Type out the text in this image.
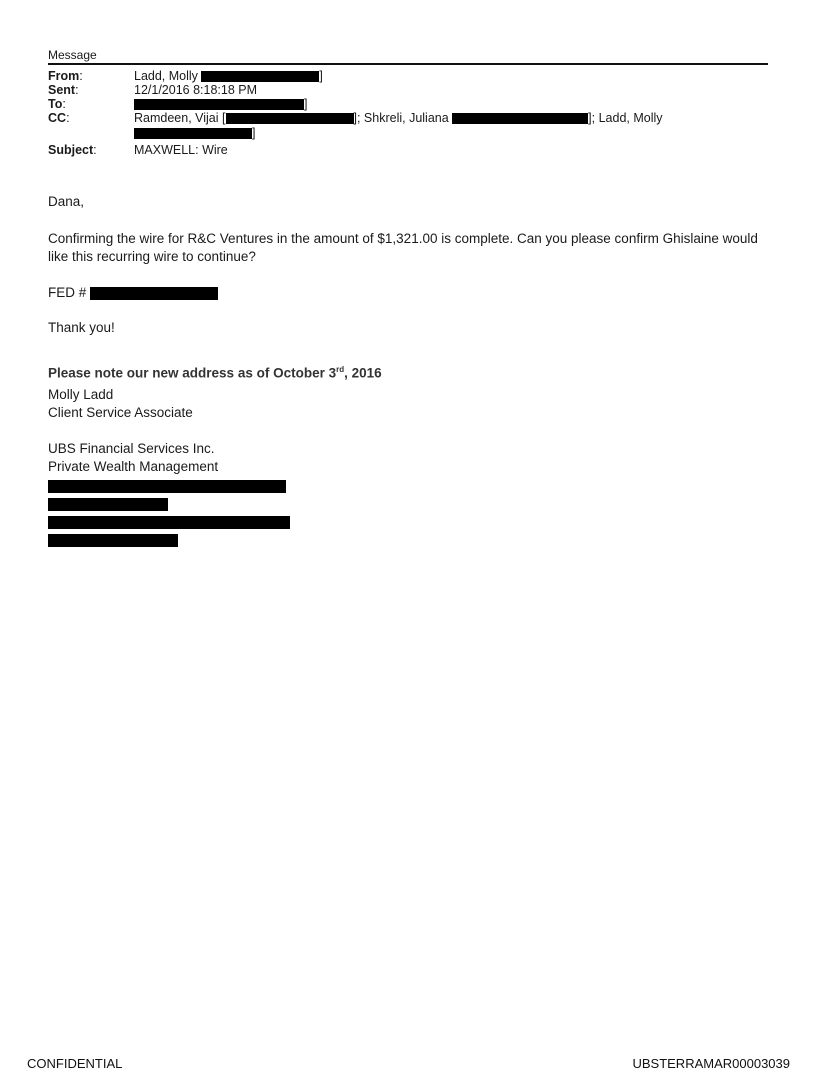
Message
From:	Ladd, Molly	]
Sent:	12/1/2016 8:18:18 PM
To:	]
CC:	Ramdeen, Vijai [	]; Shkreli, Juliana	]; Ladd, Molly
]
Subject:	MAXWELL: Wire
Dana,
Confirming the wire for R&C Ventures in the amount of $1,321.00 is complete. Can you please confirm Ghislaine would like this recurring wire to continue?
FED #
Thank you!
Please note our new address as of October 3rd, 2016
Molly Ladd
Client Service Associate
UBS Financial Services Inc.
Private Wealth Management
CONFIDENTIAL	UBSTERRAMAR00003039
